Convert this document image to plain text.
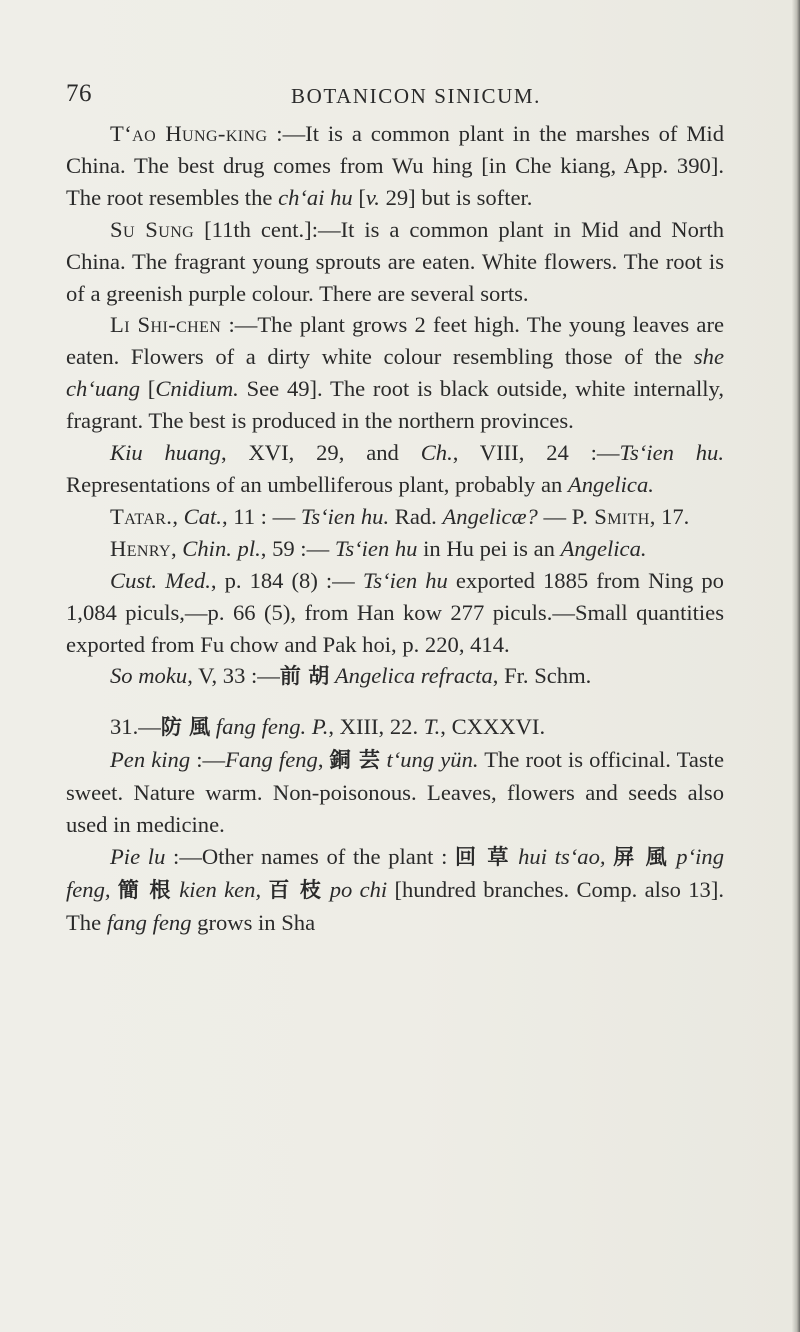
76	BOTANICON SINICUM.

T‘ao Hung-king :—It is a common plant in the marshes of Mid China. The best drug comes from Wu hing [in Che kiang, App. 390]. The root resembles the ch‘ai hu [v. 29] but is softer.

Su Sung [11th cent.]:—It is a common plant in Mid and North China. The fragrant young sprouts are eaten. White flowers. The root is of a greenish purple colour. There are several sorts.

Li Shi-chen :—The plant grows 2 feet high. The young leaves are eaten. Flowers of a dirty white colour resembling those of the she ch‘uang [Cnidium. See 49]. The root is black outside, white internally, fragrant. The best is produced in the northern provinces.

Kiu huang, XVI, 29, and Ch., VIII, 24 :—Ts‘ien hu. Representations of an umbelliferous plant, probably an Angelica.

Tatar., Cat., 11 : — Ts‘ien hu. Rad. Angelicæ? — P. Smith, 17.

Henry, Chin. pl., 59 :— Ts‘ien hu in Hu pei is an Angelica.

Cust. Med., p. 184 (8) :— Ts‘ien hu exported 1885 from Ning po 1,084 piculs,—p. 66 (5), from Han kow 277 piculs.—Small quantities exported from Fu chow and Pak hoi, p. 220, 414.

So moku, V, 33 :—前 胡 Angelica refracta, Fr. Schm.

31.—防 風 fang feng. P., XIII, 22. T., CXXXVI.

Pen king :—Fang feng, 銅 芸 t‘ung yün. The root is officinal. Taste sweet. Nature warm. Non-poisonous. Leaves, flowers and seeds also used in medicine.

Pie lu :—Other names of the plant : 回 草 hui ts‘ao, 屏 風 p‘ing feng, 簡 根 kien ken, 百 枝 po chi [hundred branches. Comp. also 13]. The fang feng grows in Sha
